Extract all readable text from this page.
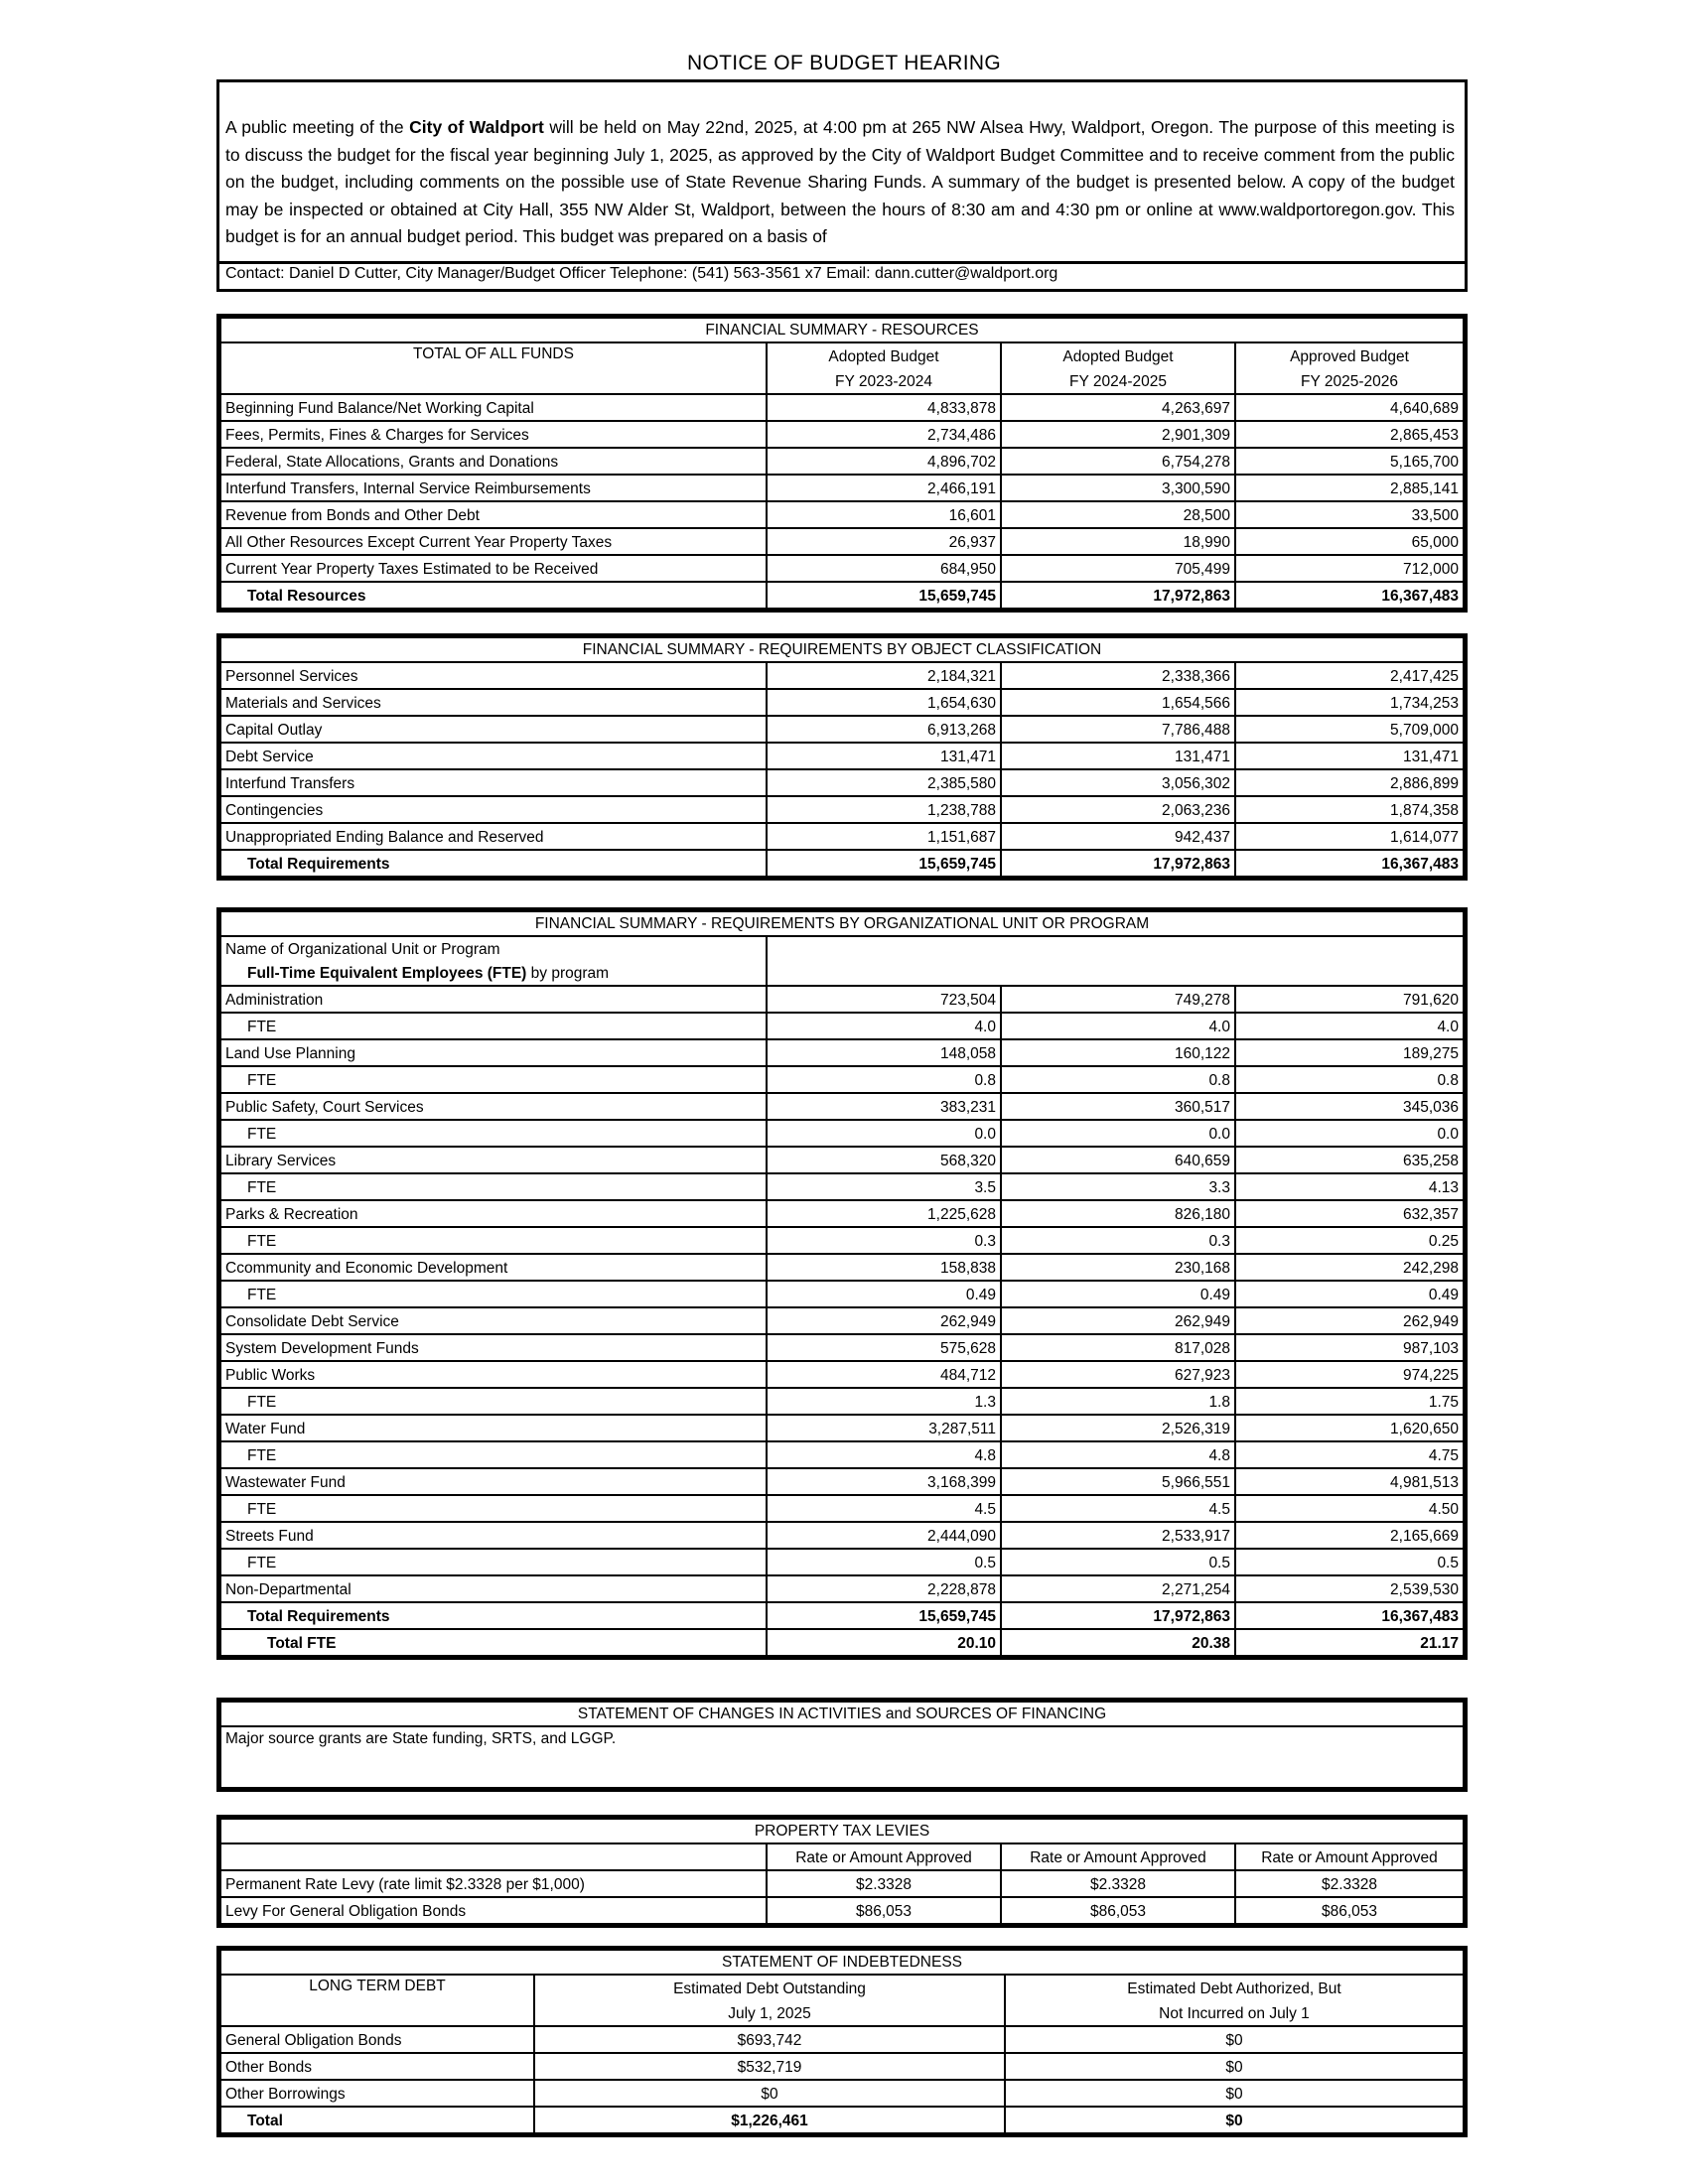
NOTICE OF BUDGET HEARING
A public meeting of the City of Waldport will be held on May 22nd, 2025, at 4:00 pm at 265 NW Alsea Hwy, Waldport, Oregon. The purpose of this meeting is to discuss the budget for the fiscal year beginning July 1, 2025, as approved by the City of Waldport Budget Committee and to receive comment from the public on the budget, including comments on the possible use of State Revenue Sharing Funds. A summary of the budget is presented below. A copy of the budget may be inspected or obtained at City Hall, 355 NW Alder St, Waldport, between the hours of 8:30 am and 4:30 pm or online at www.waldportoregon.gov. This budget is for an annual budget period. This budget was prepared on a basis of
Contact: Daniel D Cutter, City Manager/Budget Officer Telephone: (541) 563-3561 x7 Email: dann.cutter@waldport.org
FINANCIAL SUMMARY - RESOURCES			
TOTAL OF ALL FUNDS	Adopted Budget	Adopted Budget	Approved Budget
	FY 2023-2024	FY 2024-2025	FY 2025-2026
Beginning Fund Balance/Net Working Capital	4,833,878	4,263,697	4,640,689
Fees, Permits, Fines & Charges for Services	2,734,486	2,901,309	2,865,453
Federal, State Allocations, Grants and Donations	4,896,702	6,754,278	5,165,700
Interfund Transfers, Internal Service Reimbursements	2,466,191	3,300,590	2,885,141
Revenue from Bonds and Other Debt	16,601	28,500	33,500
All Other Resources Except Current Year Property Taxes	26,937	18,990	65,000
Current Year Property Taxes Estimated to be Received	684,950	705,499	712,000
Total Resources	15,659,745	17,972,863	16,367,483
FINANCIAL SUMMARY - REQUIREMENTS BY OBJECT CLASSIFICATION			
Personnel Services	2,184,321	2,338,366	2,417,425
Materials and Services	1,654,630	1,654,566	1,734,253
Capital Outlay	6,913,268	7,786,488	5,709,000
Debt Service	131,471	131,471	131,471
Interfund Transfers	2,385,580	3,056,302	2,886,899
Contingencies	1,238,788	2,063,236	1,874,358
Unappropriated Ending Balance and Reserved	1,151,687	942,437	1,614,077
Total Requirements	15,659,745	17,972,863	16,367,483
FINANCIAL SUMMARY - REQUIREMENTS BY ORGANIZATIONAL UNIT OR PROGRAM			
Name of Organizational Unit or Program			
Full-Time Equivalent Employees (FTE) by program			
Administration	723,504	749,278	791,620
FTE	4.0	4.0	4.0
Land Use Planning	148,058	160,122	189,275
FTE	0.8	0.8	0.8
Public Safety, Court Services	383,231	360,517	345,036
FTE	0.0	0.0	0.0
Library Services	568,320	640,659	635,258
FTE	3.5	3.3	4.13
Parks & Recreation	1,225,628	826,180	632,357
FTE	0.3	0.3	0.25
Ccommunity and Economic Development	158,838	230,168	242,298
FTE	0.49	0.49	0.49
Consolidate Debt Service	262,949	262,949	262,949
System Development Funds	575,628	817,028	987,103
Public Works	484,712	627,923	974,225
FTE	1.3	1.8	1.75
Water Fund	3,287,511	2,526,319	1,620,650
FTE	4.8	4.8	4.75
Wastewater Fund	3,168,399	5,966,551	4,981,513
FTE	4.5	4.5	4.50
Streets Fund	2,444,090	2,533,917	2,165,669
FTE	0.5	0.5	0.5
Non-Departmental	2,228,878	2,271,254	2,539,530
Total Requirements	15,659,745	17,972,863	16,367,483
Total FTE	20.10	20.38	21.17
STATEMENT OF CHANGES IN ACTIVITIES and SOURCES OF FINANCING
Major source grants are State funding, SRTS, and LGGP.
PROPERTY TAX LEVIES			
	Rate or Amount Approved	Rate or Amount Approved	Rate or Amount Approved
Permanent Rate Levy (rate limit $2.3328 per $1,000)	$2.3328	$2.3328	$2.3328
Levy For General Obligation Bonds	$86,053	$86,053	$86,053
STATEMENT OF INDEBTEDNESS		
LONG TERM DEBT	Estimated Debt Outstanding	Estimated Debt Authorized, But
	July 1, 2025	Not Incurred on July 1
General Obligation Bonds	$693,742	$0
Other Bonds	$532,719	$0
Other Borrowings	$0	$0
Total	$1,226,461	$0
